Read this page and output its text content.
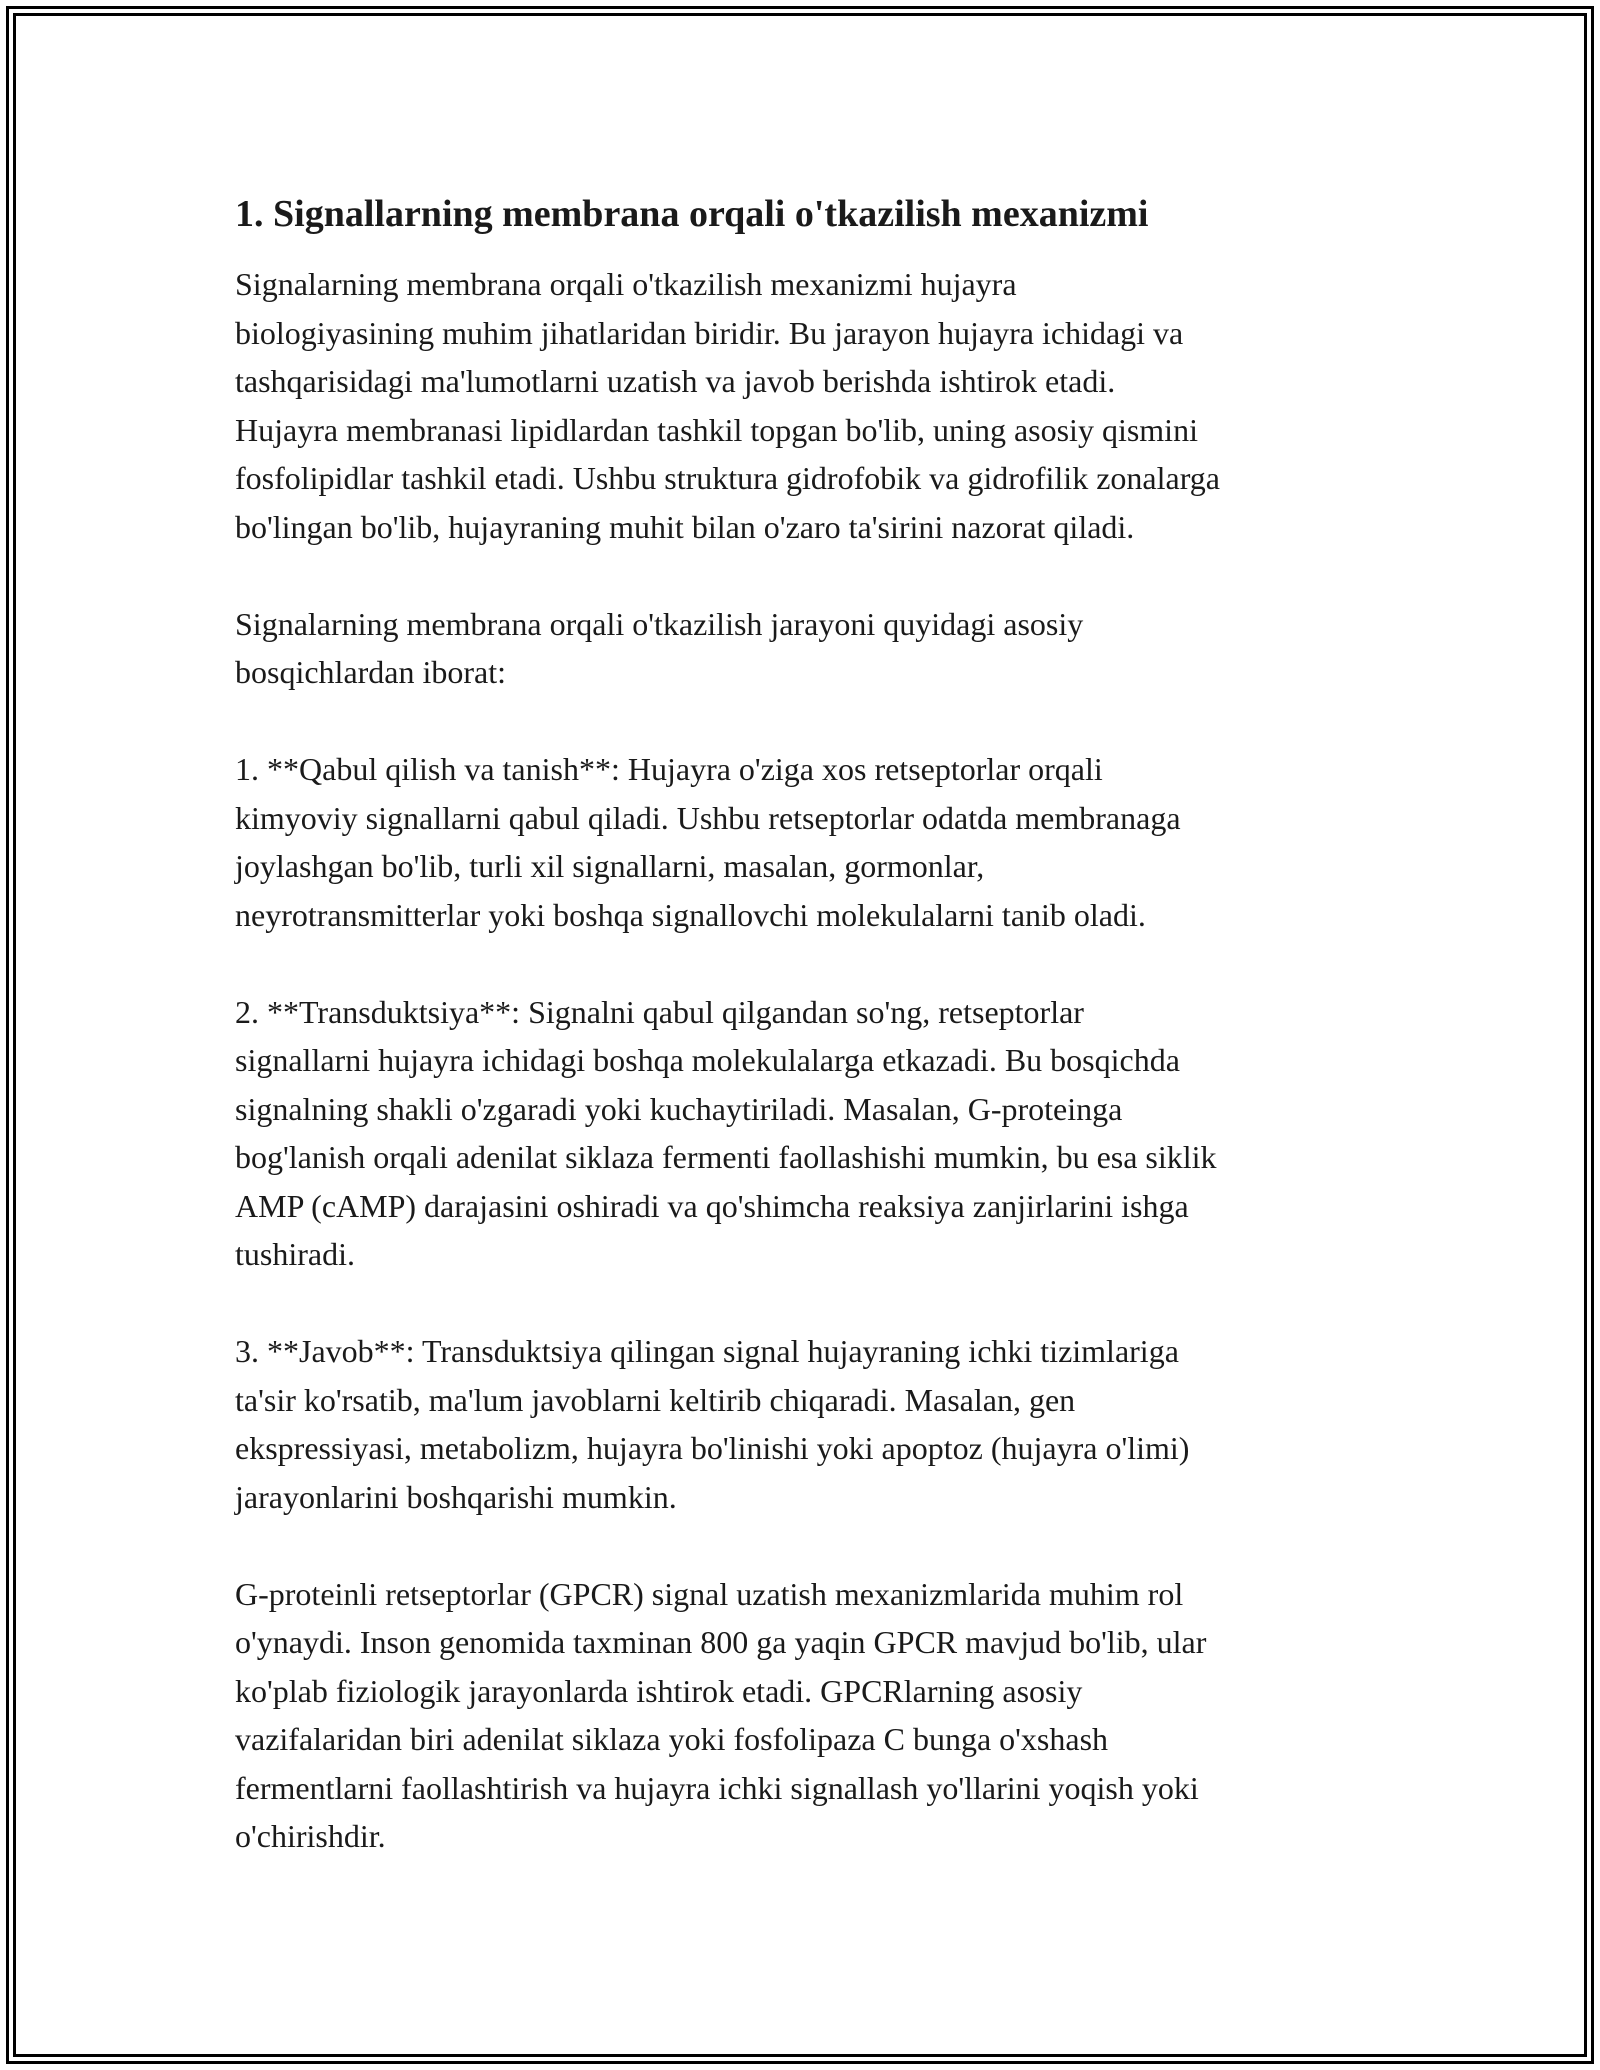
1. Signallarning membrana orqali o'tkazilish mexanizmi

Signalarning membrana orqali o'tkazilish mexanizmi hujayra
biologiyasining muhim jihatlaridan biridir. Bu jarayon hujayra ichidagi va
tashqarisidagi ma'lumotlarni uzatish va javob berishda ishtirok etadi.
Hujayra membranasi lipidlardan tashkil topgan bo'lib, uning asosiy qismini
fosfolipidlar tashkil etadi. Ushbu struktura gidrofobik va gidrofilik zonalarga
bo'lingan bo'lib, hujayraning muhit bilan o'zaro ta'sirini nazorat qiladi.

Signalarning membrana orqali o'tkazilish jarayoni quyidagi asosiy
bosqichlardan iborat:

1. **Qabul qilish va tanish**: Hujayra o'ziga xos retseptorlar orqali
kimyoviy signallarni qabul qiladi. Ushbu retseptorlar odatda membranaga
joylashgan bo'lib, turli xil signallarni, masalan, gormonlar,
neyrotransmitterlar yoki boshqa signallovchi molekulalarni tanib oladi.

2. **Transduktsiya**: Signalni qabul qilgandan so'ng, retseptorlar
signallarni hujayra ichidagi boshqa molekulalarga etkazadi. Bu bosqichda
signalning shakli o'zgaradi yoki kuchaytiriladi. Masalan, G-proteinga
bog'lanish orqali adenilat siklaza fermenti faollashishi mumkin, bu esa siklik
AMP (cAMP) darajasini oshiradi va qo'shimcha reaksiya zanjirlarini ishga
tushiradi.

3. **Javob**: Transduktsiya qilingan signal hujayraning ichki tizimlariga
ta'sir ko'rsatib, ma'lum javoblarni keltirib chiqaradi. Masalan, gen
ekspressiyasi, metabolizm, hujayra bo'linishi yoki apoptoz (hujayra o'limi)
jarayonlarini boshqarishi mumkin.

G-proteinli retseptorlar (GPCR) signal uzatish mexanizmlarida muhim rol
o'ynaydi. Inson genomida taxminan 800 ga yaqin GPCR mavjud bo'lib, ular
ko'plab fiziologik jarayonlarda ishtirok etadi. GPCRlarning asosiy
vazifalaridan biri adenilat siklaza yoki fosfolipaza C bunga o'xshash
fermentlarni faollashtirish va hujayra ichki signallash yo'llarini yoqish yoki
o'chirishdir.
